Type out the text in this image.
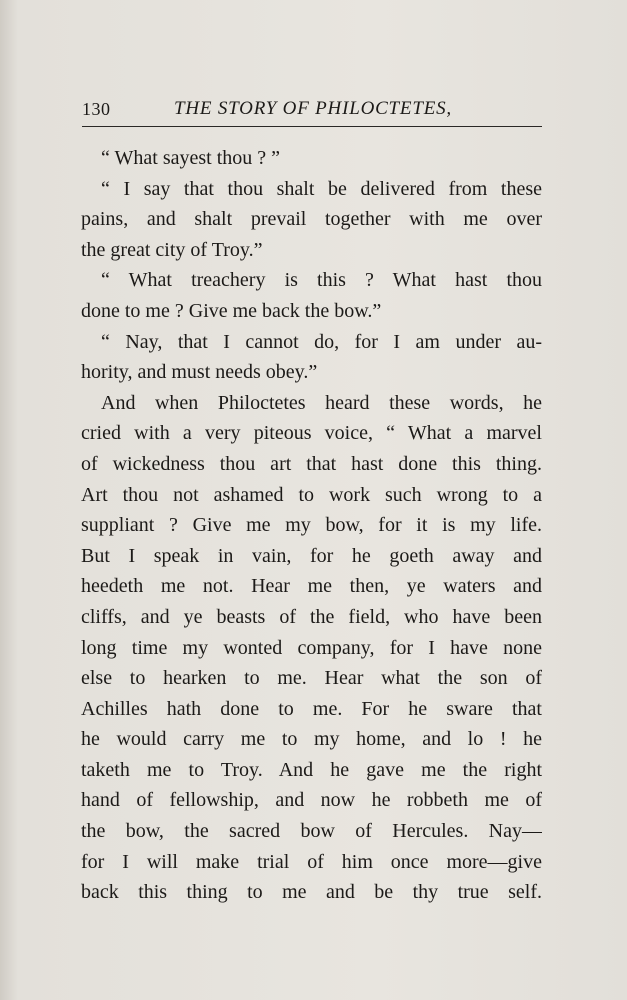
130	THE STORY OF PHILOCTETES,
“ What sayest thou ? ”
“ I say that thou shalt be delivered from these
pains, and shalt prevail together with me over
the great city of Troy.”
“ What treachery is this ? What hast thou
done to me ? Give me back the bow.”
“ Nay, that I cannot do, for I am under au-
hority, and must needs obey.”
And when Philoctetes heard these words, he
cried with a very piteous voice, “ What a marvel
of wickedness thou art that hast done this thing.
Art thou not ashamed to work such wrong to a
suppliant ? Give me my bow, for it is my life.
But I speak in vain, for he goeth away and
heedeth me not. Hear me then, ye waters and
cliffs, and ye beasts of the field, who have been
long time my wonted company, for I have none
else to hearken to me. Hear what the son of
Achilles hath done to me. For he sware that
he would carry me to my home, and lo ! he
taketh me to Troy. And he gave me the right
hand of fellowship, and now he robbeth me of
the bow, the sacred bow of Hercules. Nay—
for I will make trial of him once more—give
back this thing to me and be thy true self.
